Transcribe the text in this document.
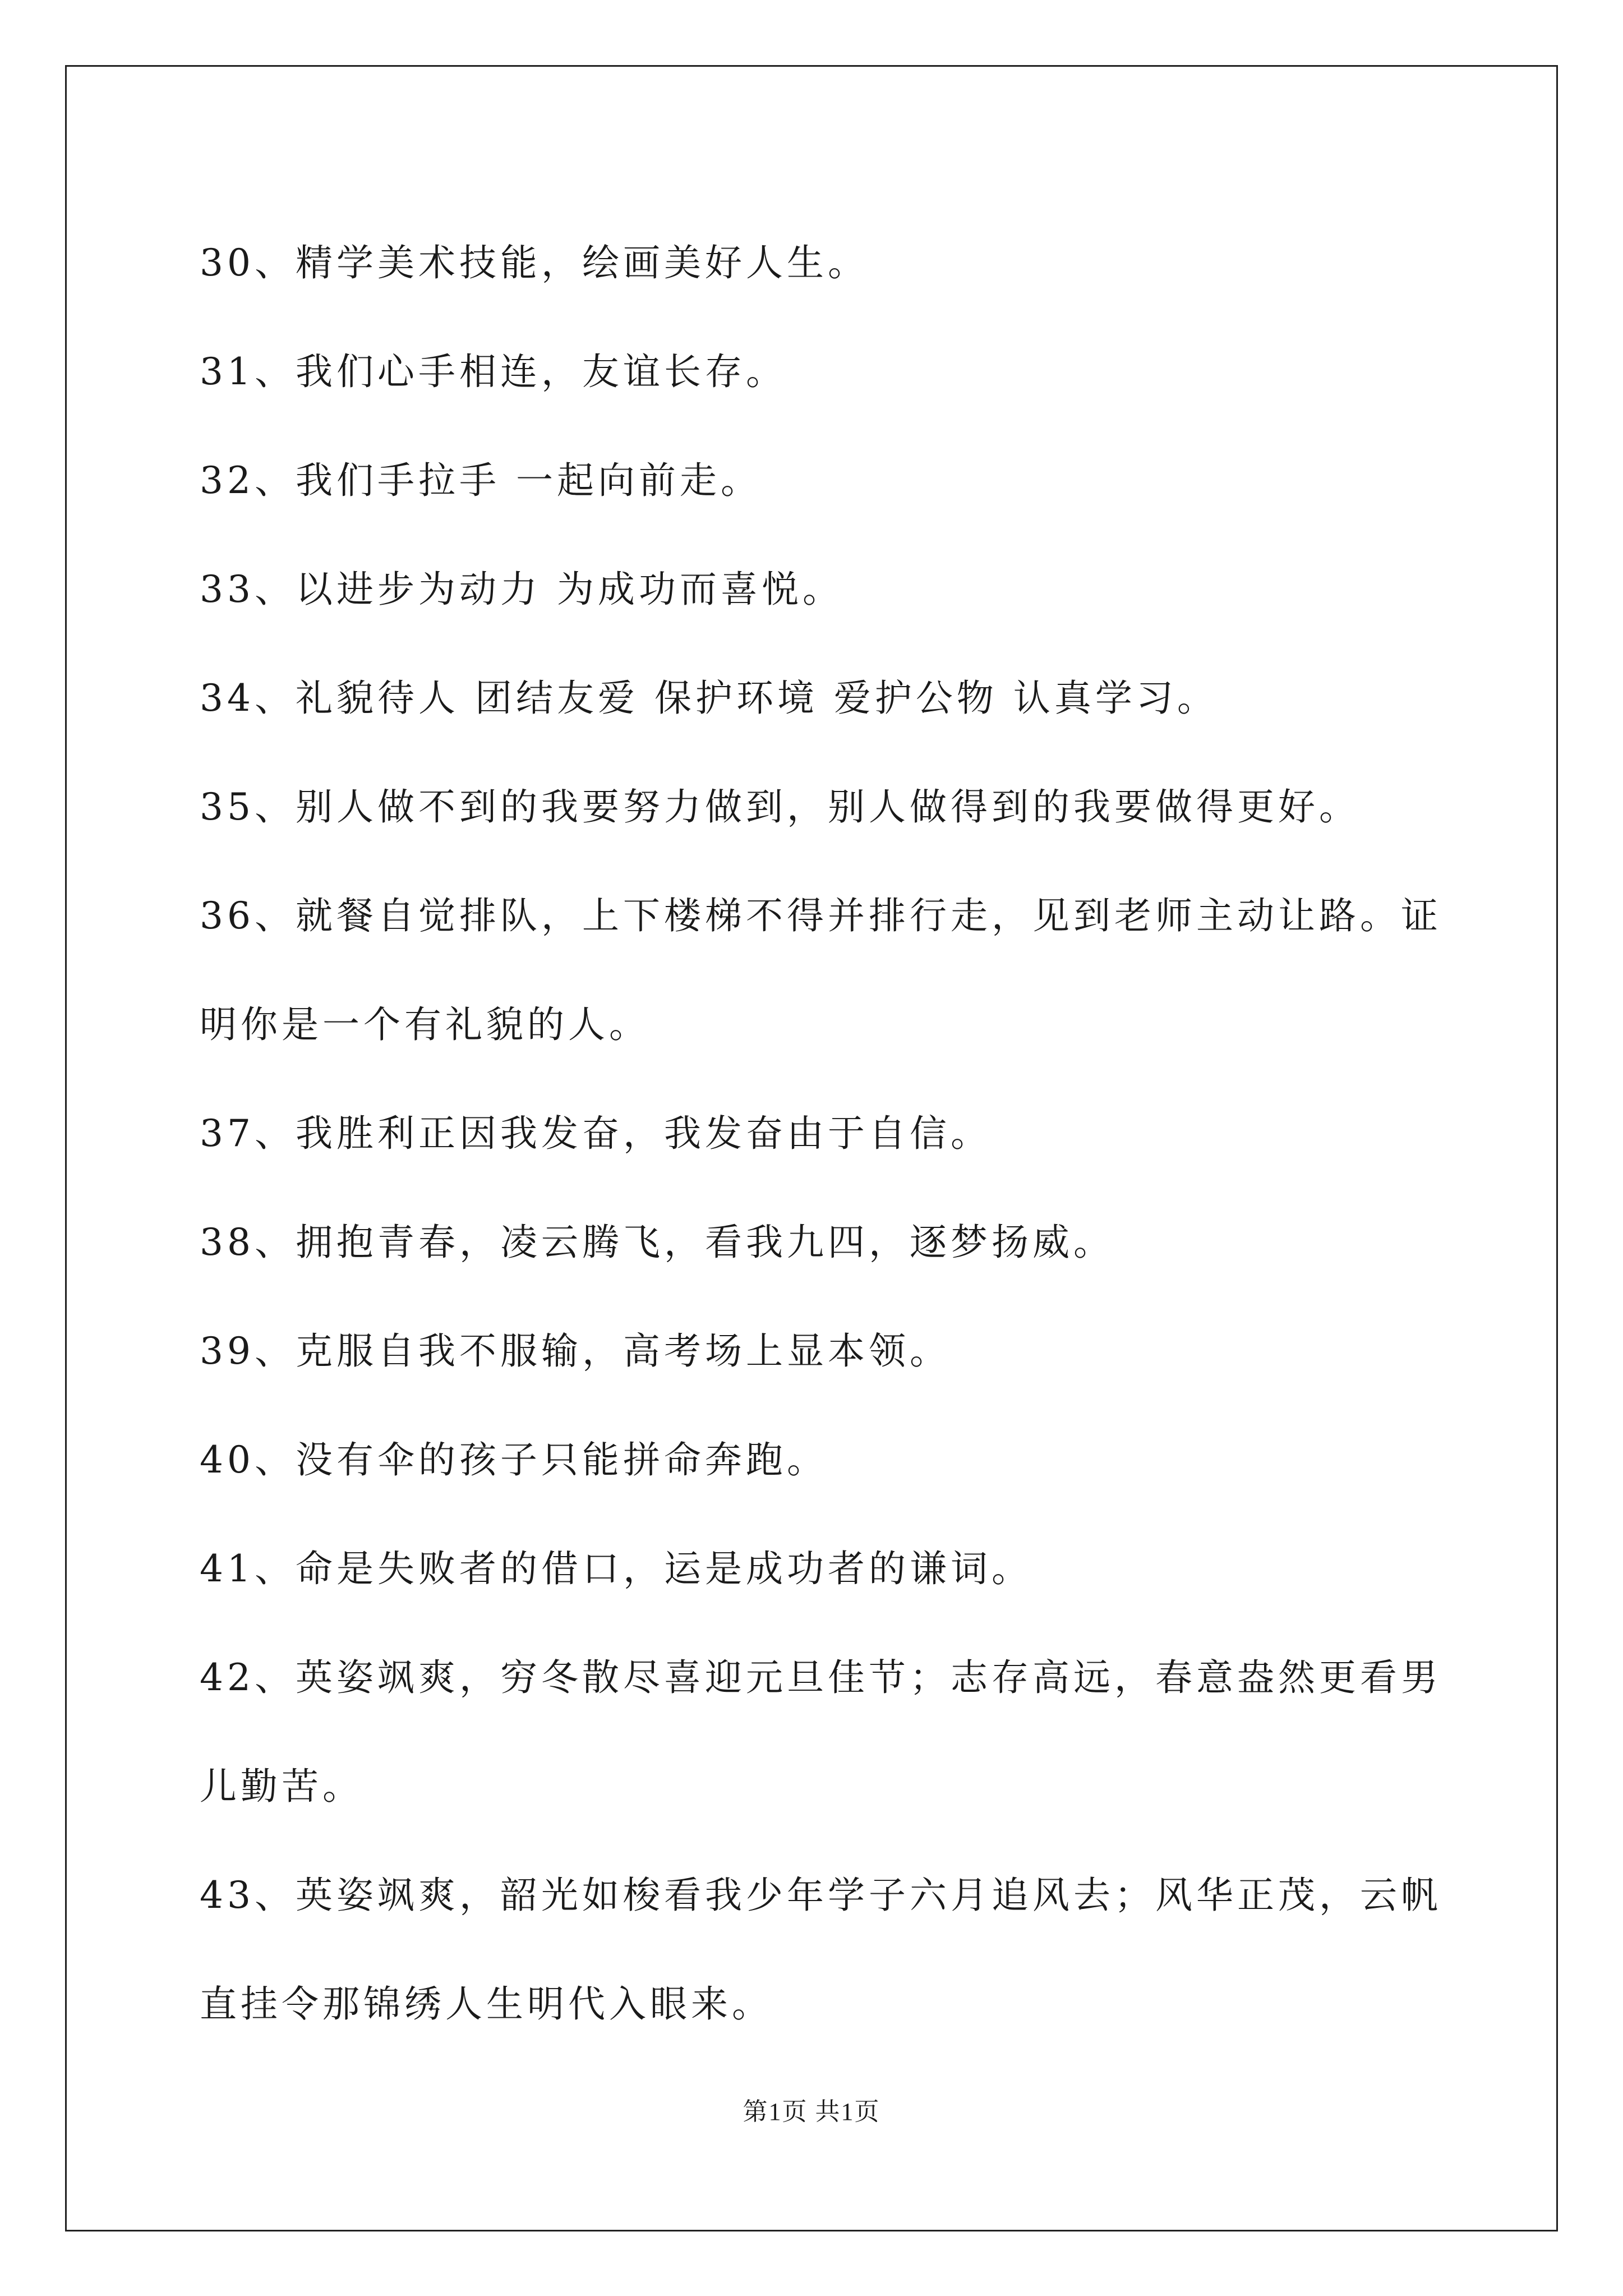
30、精学美术技能，绘画美好人生。
31、我们心手相连，友谊长存。
32、我们手拉手 一起向前走。
33、以进步为动力 为成功而喜悦。
34、礼貌待人 团结友爱 保护环境 爱护公物 认真学习。
35、别人做不到的我要努力做到，别人做得到的我要做得更好。
36、就餐自觉排队，上下楼梯不得并排行走，见到老师主动让路。证
明你是一个有礼貌的人。
37、我胜利正因我发奋，我发奋由于自信。
38、拥抱青春，凌云腾飞，看我九四，逐梦扬威。
39、克服自我不服输，高考场上显本领。
40、没有伞的孩子只能拼命奔跑。
41、命是失败者的借口，运是成功者的谦词。
42、英姿飒爽，穷冬散尽喜迎元旦佳节；志存高远，春意盎然更看男
儿勤苦。
43、英姿飒爽，韶光如梭看我少年学子六月追风去；风华正茂，云帆
直挂令那锦绣人生明代入眼来。
第1页 共1页
